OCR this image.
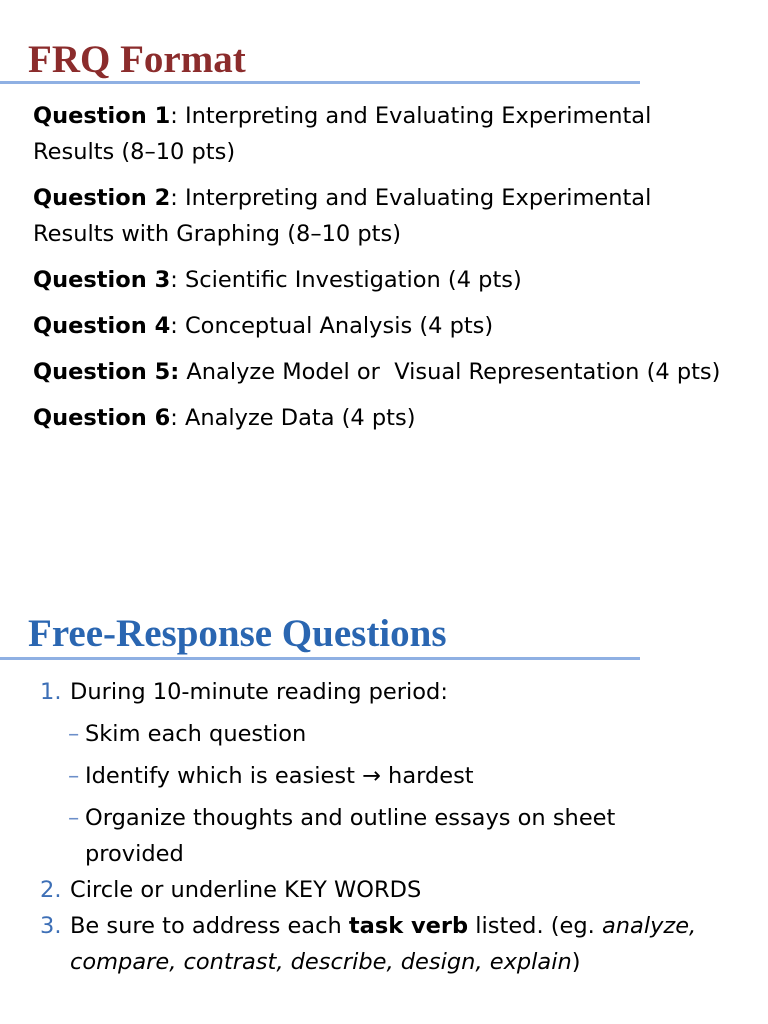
FRQ Format
Question 1: Interpreting and Evaluating Experimental Results (8–10 pts)
Question 2: Interpreting and Evaluating Experimental Results with Graphing (8–10 pts)
Question 3: Scientific Investigation (4 pts)
Question 4: Conceptual Analysis (4 pts)
Question 5: Analyze Model or  Visual Representation (4 pts)
Question 6: Analyze Data (4 pts)
Free-Response Questions
1. During 10-minute reading period:
– Skim each question
– Identify which is easiest → hardest
– Organize thoughts and outline essays on sheet provided
2. Circle or underline KEY WORDS
3. Be sure to address each task verb listed. (eg. analyze, compare, contrast, describe, design, explain)
